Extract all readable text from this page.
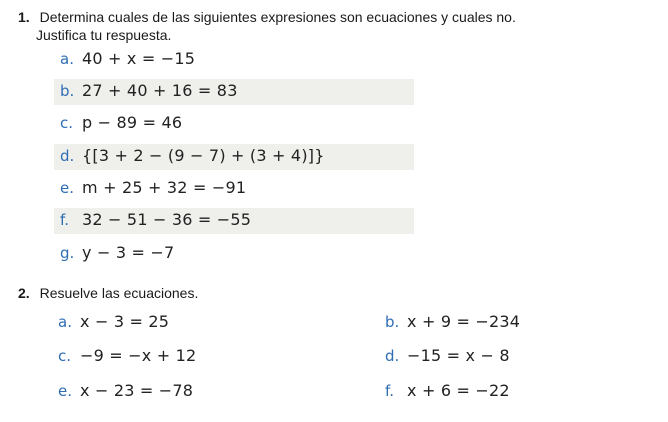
1. Determina cuales de las siguientes expresiones son ecuaciones y cuales no.
Justifica tu respuesta.
a. 40 + x = −15
b. 27 + 40 + 16 = 83
c. p − 89 = 46
d. {[3 + 2 − (9 − 7) + (3 + 4)]}
e. m + 25 + 32 = −91
f. 32 − 51 − 36 = −55
g. y − 3 = −7
2. Resuelve las ecuaciones.
a. x − 3 = 25	b. x + 9 = −234
c. −9 = −x + 12	d. −15 = x − 8
e. x − 23 = −78	f. x + 6 = −22
